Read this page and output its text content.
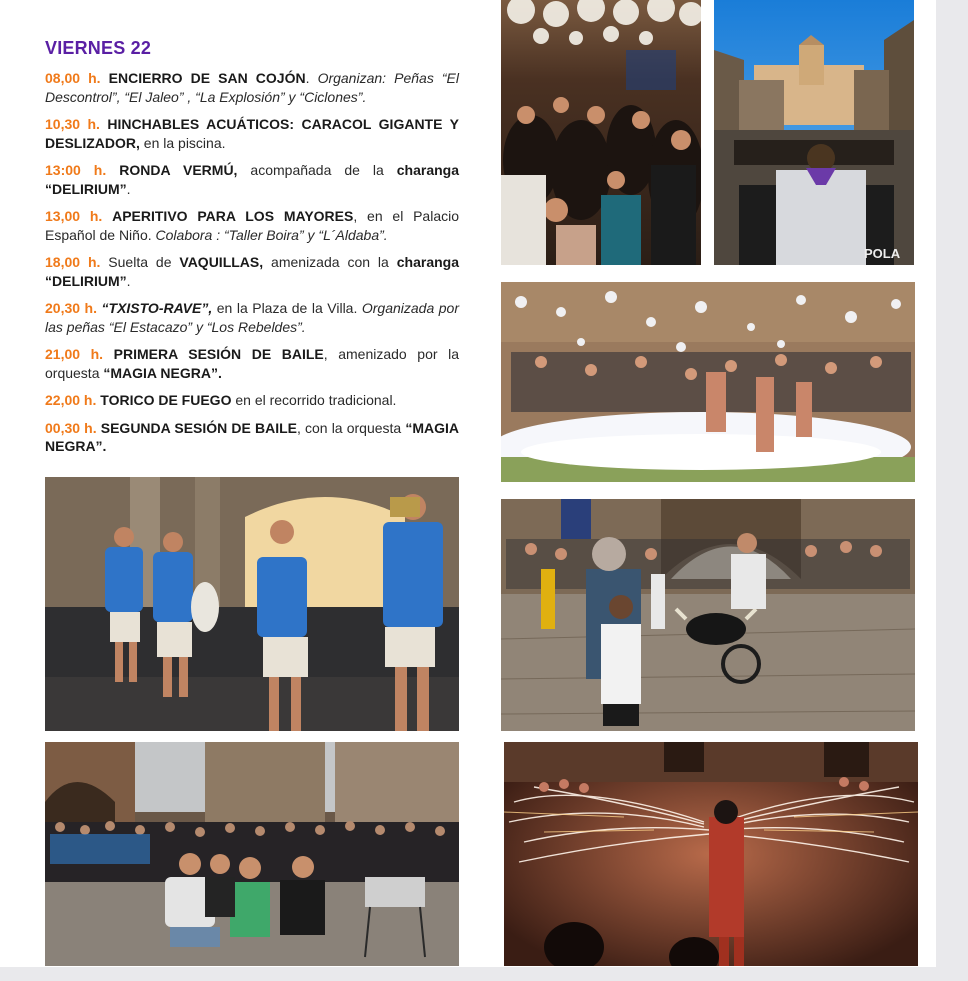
VIERNES 22

08,00 h. ENCIERRO DE SAN COJÓN. Organizan: Peñas “El Descontrol”, “El Jaleo” , “La Explosión” y “Ciclones”.

10,30 h. HINCHABLES ACUÁTICOS: CARACOL GIGANTE Y DESLIZADOR, en la piscina.

13:00 h. RONDA VERMÚ, acompañada de la charanga “DELIRIUM”.

13,00 h. APERITIVO PARA LOS MAYORES, en el Palacio Español de Niño. Colabora : “Taller Boira” y “L´Aldaba”.

18,00 h. Suelta de VAQUILLAS, amenizada con la charanga “DELIRIUM”.

20,30 h. “TXISTO-RAVE”, en la Plaza de la Villa. Organizada por las peñas “El Estacazo” y “Los Rebeldes”.

21,00 h. PRIMERA SESIÓN DE BAILE, amenizado por la orquesta “MAGIA NEGRA”.

22,00 h. TORICO DE FUEGO en el recorrido tradicional.

00,30 h. SEGUNDA SESIÓN DE BAILE, con la orquesta “MAGIA NEGRA”.

POLA
